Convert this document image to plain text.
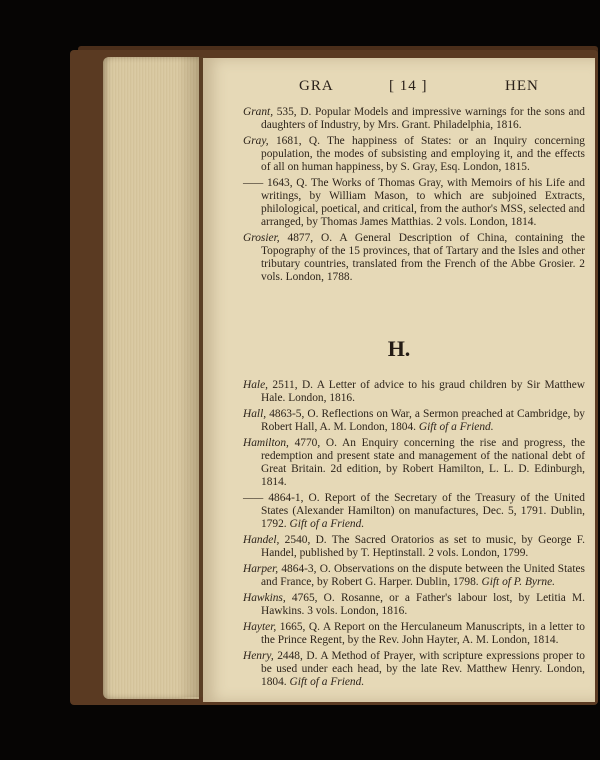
GRA	[ 14 ]	HEN

Grant, 535, D. Popular Models and impressive warnings for the sons and daughters of Industry, by Mrs. Grant. Philadelphia, 1816.

Gray, 1681, Q. The happiness of States: or an Inquiry concerning population, the modes of subsisting and employing it, and the effects of all on human happiness, by S. Gray, Esq. London, 1815.

—— 1643, Q. The Works of Thomas Gray, with Memoirs of his Life and writings, by William Mason, to which are subjoined Extracts, philological, poetical, and critical, from the author's MSS, selected and arranged, by Thomas James Matthias. 2 vols. London, 1814.

Grosier, 4877, O. A General Description of China, containing the Topography of the 15 provinces, that of Tartary and the Isles and other tributary countries, translated from the French of the Abbe Grosier. 2 vols. London, 1788.

H.

Hale, 2511, D. A Letter of advice to his graud children by Sir Matthew Hale. London, 1816.

Hall, 4863-5, O. Reflections on War, a Sermon preached at Cambridge, by Robert Hall, A. M. London, 1804. Gift of a Friend.

Hamilton, 4770, O. An Enquiry concerning the rise and progress, the redemption and present state and management of the national debt of Great Britain. 2d edition, by Robert Hamilton, L. L. D. Edinburgh, 1814.

—— 4864-1, O. Report of the Secretary of the Treasury of the United States (Alexander Hamilton) on manufactures, Dec. 5, 1791. Dublin, 1792. Gift of a Friend.

Handel, 2540, D. The Sacred Oratorios as set to music, by George F. Handel, published by T. Heptinstall. 2 vols. London, 1799.

Harper, 4864-3, O. Observations on the dispute between the United States and France, by Robert G. Harper. Dublin, 1798. Gift of P. Byrne.

Hawkins, 4765, O. Rosanne, or a Father's labour lost, by Letitia M. Hawkins. 3 vols. London, 1816.

Hayter, 1665, Q. A Report on the Herculaneum Manuscripts, in a letter to the Prince Regent, by the Rev. John Hayter, A. M. London, 1814.

Henry, 2448, D. A Method of Prayer, with scripture expressions proper to be used under each head, by the late Rev. Matthew Henry. London, 1804. Gift of a Friend.
